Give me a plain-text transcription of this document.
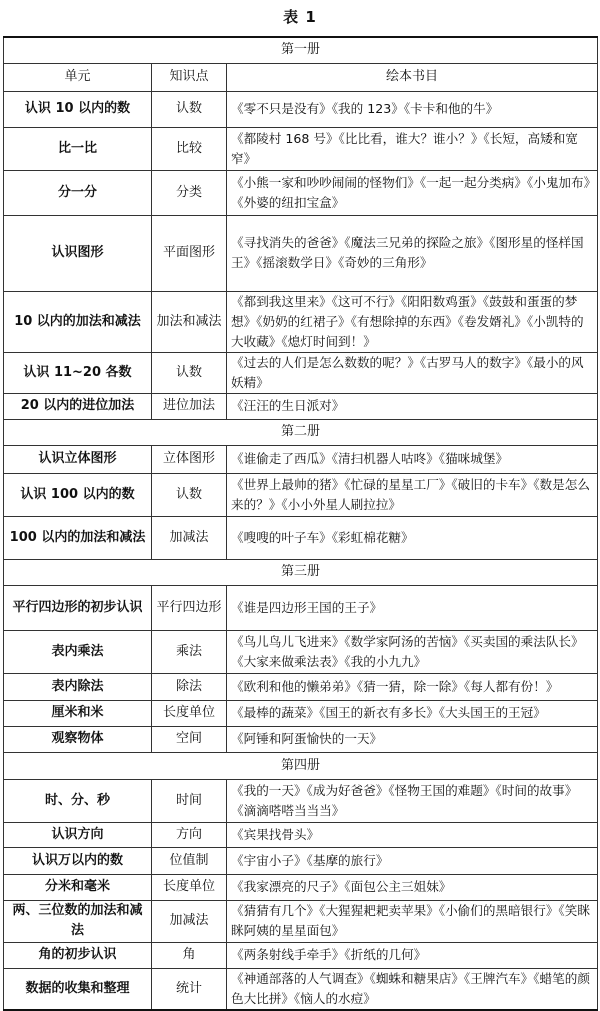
表 1
第一册		
单元	知识点	绘本书目
认识 10 以内的数	认数	《零不只是没有》《我的 123》《卡卡和他的牛》
比一比	比较	《都陵村 168 号》《比比看，谁大？谁小？》《长短，高矮和宽窄》
分一分	分类	《小熊一家和吵吵闹闹的怪物们》《一起一起分类病》《小鬼加布》《外婆的纽扣宝盒》
认识图形	平面图形	《寻找消失的爸爸》《魔法三兄弟的探险之旅》《图形星的怪样国王》《摇滚数学日》《奇妙的三角形》
10 以内的加法和减法	加法和减法	《都到我这里来》《这可不行》《阳阳数鸡蛋》《鼓鼓和蛋蛋的梦想》《奶奶的红裙子》《有想除掉的东西》《卷发婿礼》《小凯特的大收藏》《熄灯时间到！》
认识 11~20 各数	认数	《过去的人们是怎么数数的呢？》《古罗马人的数字》《最小的风妖精》
20 以内的进位加法	进位加法	《汪汪的生日派对》
第二册		
认识立体图形	立体图形	《谁偷走了西瓜》《清扫机器人咕咚》《猫咪城堡》
认识 100 以内的数	认数	《世界上最帅的猪》《忙碌的星星工厂》《破旧的卡车》《数是怎么来的？》《小小外星人刷拉拉》
100 以内的加法和减法	加减法	《嗖嗖的叶子车》《彩虹棉花糖》
第三册		
平行四边形的初步认识	平行四边形	《谁是四边形王国的王子》
表内乘法	乘法	《鸟儿鸟儿飞进来》《数学家阿汤的苦恼》《买卖国的乘法队长》《大家来做乘法表》《我的小九九》
表内除法	除法	《欧利和他的懒弟弟》《猜一猜，除一除》《每人都有份！》
厘米和米	长度单位	《最棒的蔬菜》《国王的新衣有多长》《大头国王的王冠》
观察物体	空间	《阿锤和阿蛋愉快的一天》
第四册		
时、分、秒	时间	《我的一天》《成为好爸爸》《怪物王国的难题》《时间的故事》《滴滴嗒嗒当当当》
认识方向	方向	《宾果找骨头》
认识万以内的数	位值制	《宇宙小子》《基摩的旅行》
分米和毫米	长度单位	《我家漂亮的尺子》《面包公主三姐妹》
两、三位数的加法和减法	加减法	《猜猜有几个》《大猩猩耙耙卖苹果》《小偷们的黑暗银行》《笑眯眯阿姨的星星面包》
角的初步认识	角	《两条射线手牵手》《折纸的几何》
数据的收集和整理	统计	《神通部落的人气调查》《蜘蛛和糖果店》《王牌汽车》《蜡笔的颜色大比拼》《恼人的水痘》
